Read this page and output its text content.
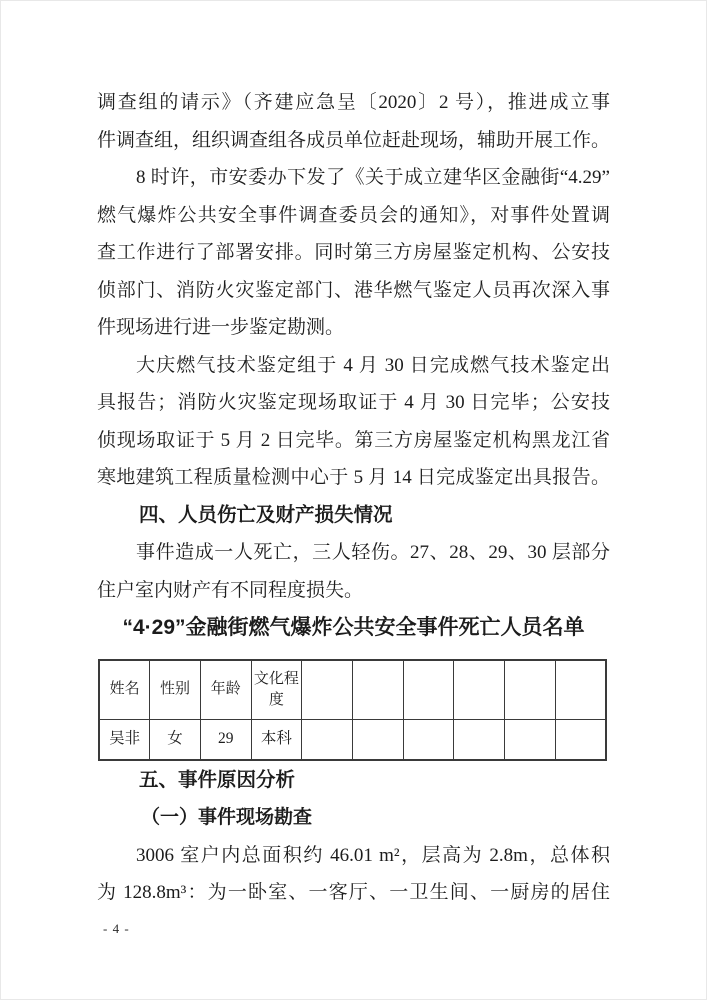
调查组的请示》（齐建应急呈〔2020〕2 号），推进成立事
件调查组，组织调查组各成员单位赶赴现场，辅助开展工作。
8 时许，市安委办下发了《关于成立建华区金融街“4.29”
燃气爆炸公共安全事件调查委员会的通知》，对事件处置调
查工作进行了部署安排。同时第三方房屋鉴定机构、公安技
侦部门、消防火灾鉴定部门、港华燃气鉴定人员再次深入事
件现场进行进一步鉴定勘测。
大庆燃气技术鉴定组于 4 月 30 日完成燃气技术鉴定出
具报告；消防火灾鉴定现场取证于 4 月 30 日完毕；公安技
侦现场取证于 5 月 2 日完毕。第三方房屋鉴定机构黑龙江省
寒地建筑工程质量检测中心于 5 月 14 日完成鉴定出具报告。
四、人员伤亡及财产损失情况
事件造成一人死亡，三人轻伤。27、28、29、30 层部分
住户室内财产有不同程度损失。
“4·29”金融街燃气爆炸公共安全事件死亡人员名单
姓名	性别	年龄	文化程度						
吴非	女	29	本科						
五、事件原因分析
（一）事件现场勘查
3006 室户内总面积约 46.01 m²，层高为 2.8m，总体积
为 128.8m³：为一卧室、一客厅、一卫生间、一厨房的居住
- 4 -
